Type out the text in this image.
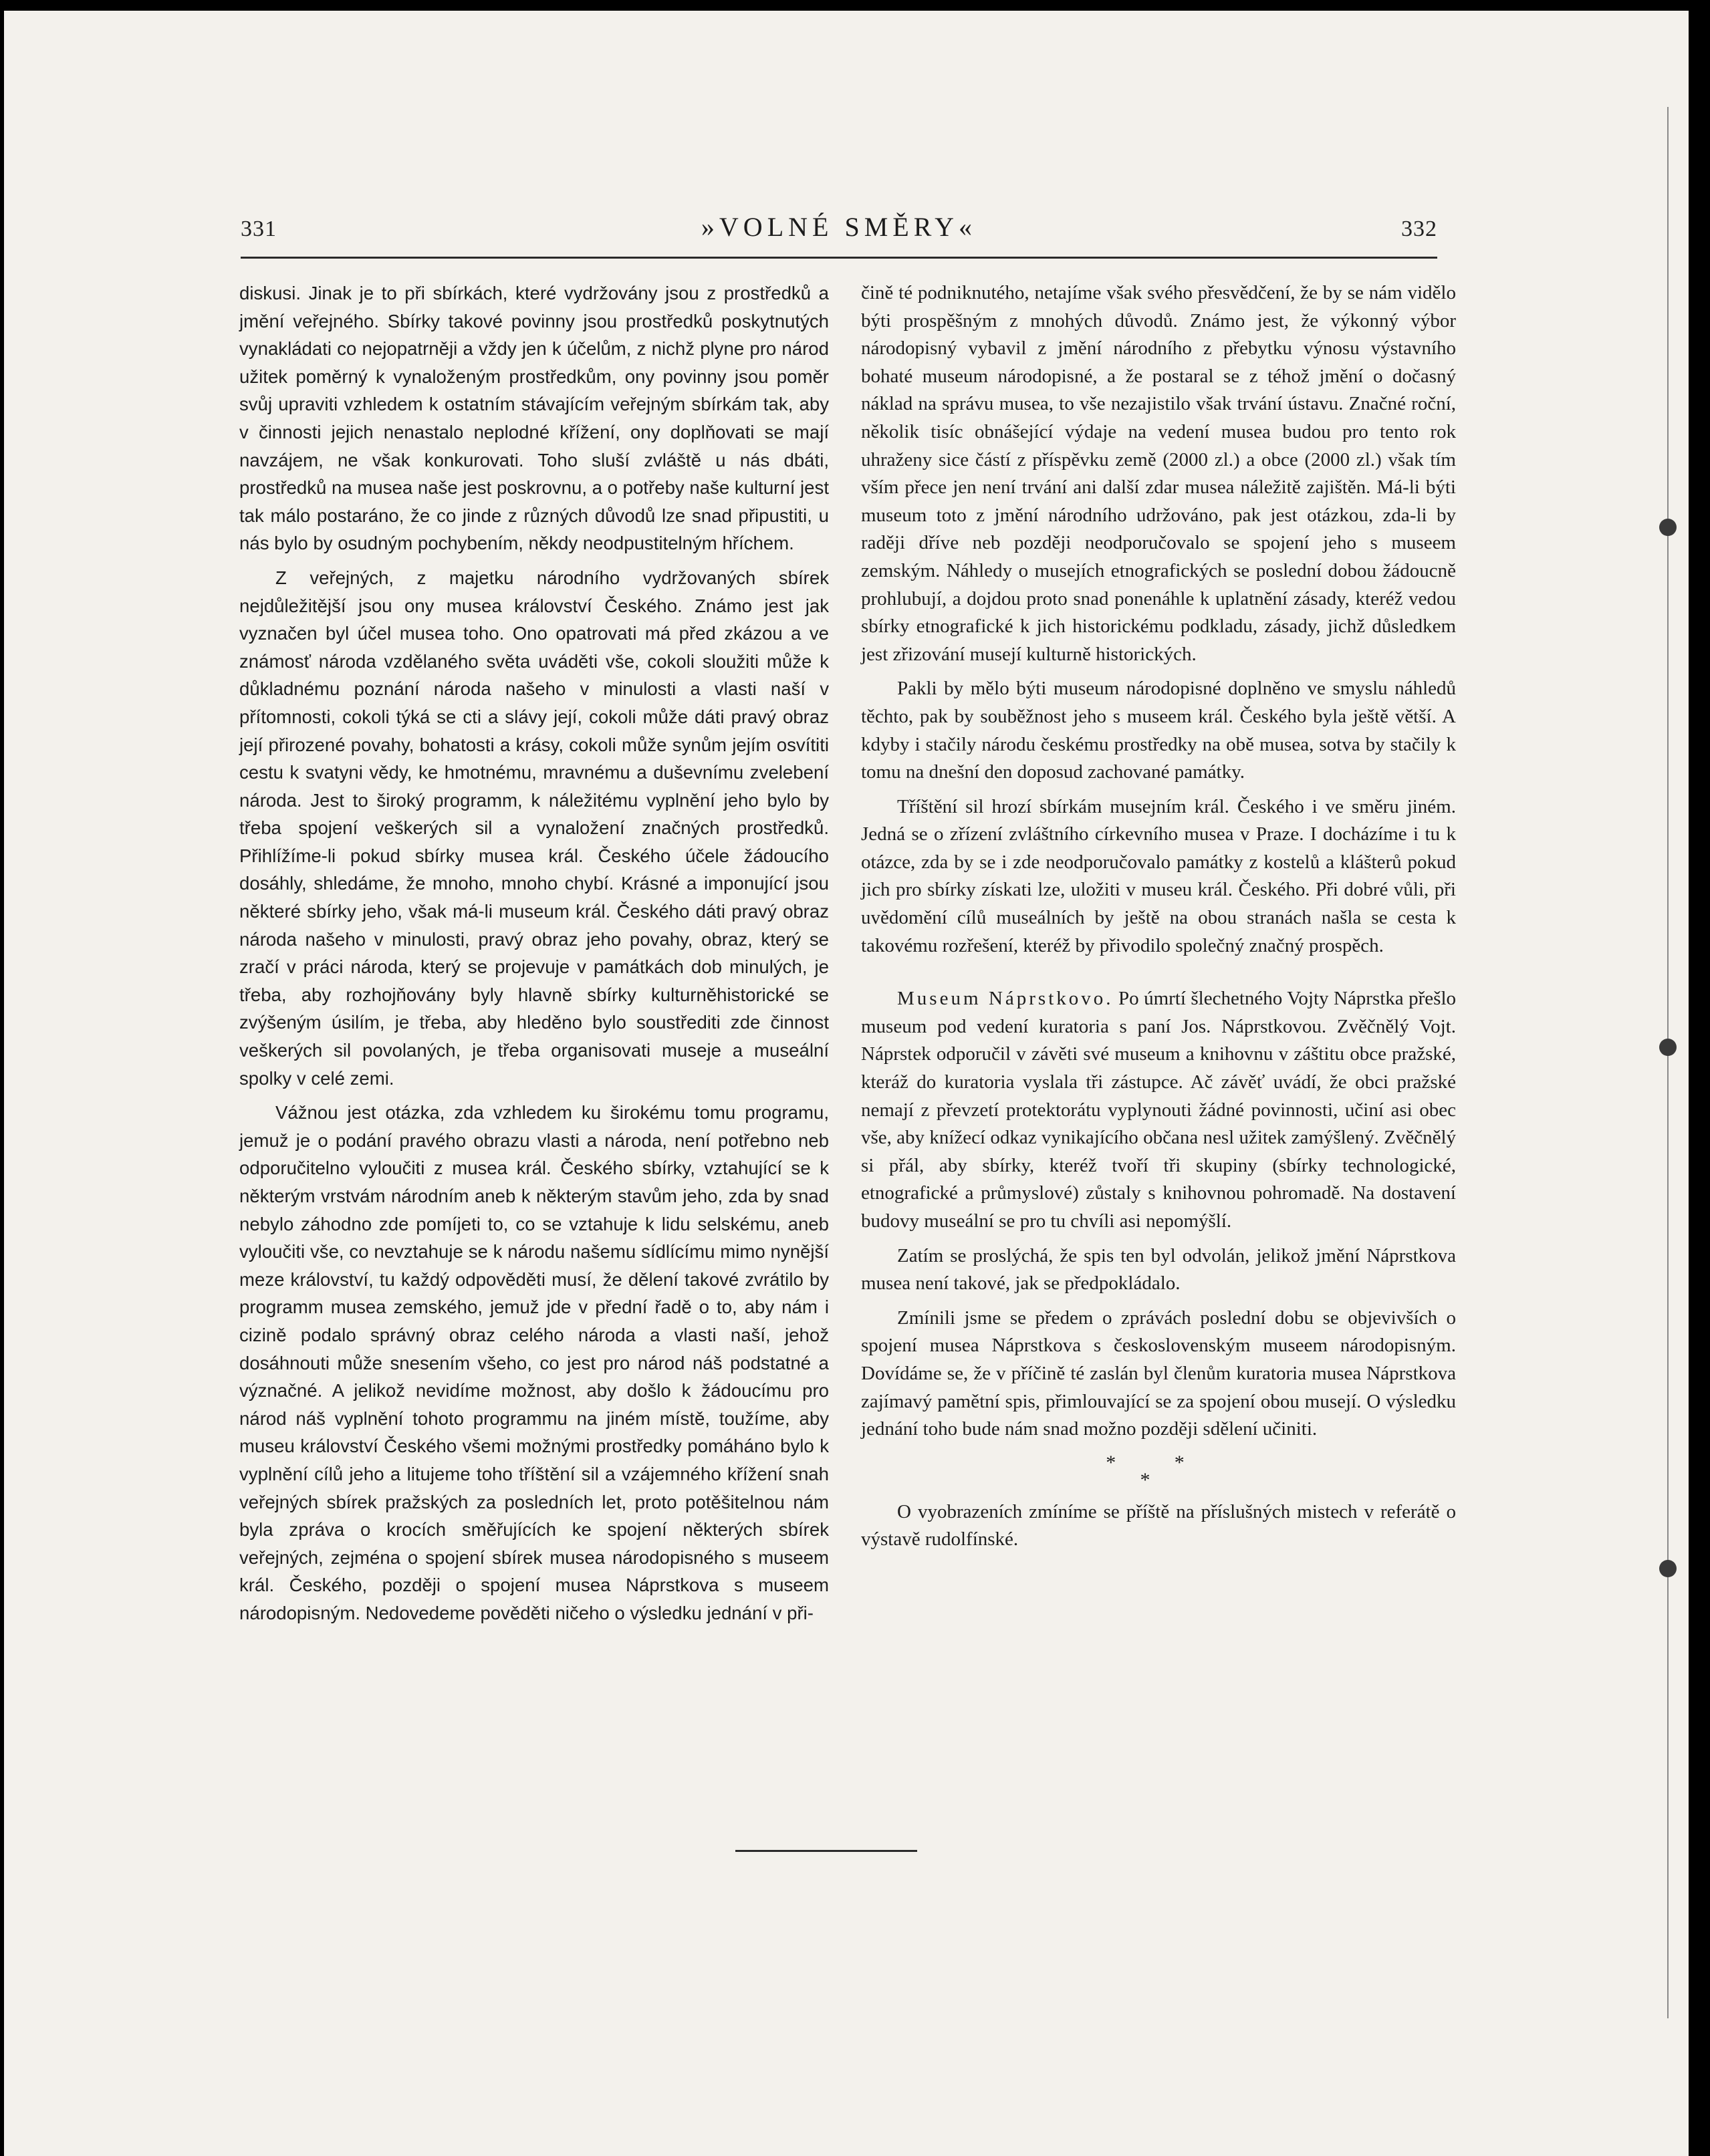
331	»VOLNÉ SMĚRY«	332

diskusi. Jinak je to při sbírkách, které vydržovány jsou z prostředků a jmění veřejného. Sbírky takové povinny jsou prostředků poskytnutých vynakládati co nejopatrněji a vždy jen k účelům, z nichž plyne pro národ užitek poměrný k vynaloženým prostředkům, ony povinny jsou poměr svůj upraviti vzhledem k ostatním stávajícím veřejným sbírkám tak, aby v činnosti jejich nenastalo neplodné křížení, ony doplňovati se mají navzájem, ne však konkurovati. Toho sluší zvláště u nás dbáti, prostředků na musea naše jest poskrovnu, a o potřeby naše kulturní jest tak málo postaráno, že co jinde z různých důvodů lze snad připustiti, u nás bylo by osudným pochybením, někdy neodpustitelným hříchem.

Z veřejných, z majetku národního vydržovaných sbírek nejdůležitější jsou ony musea království Českého. Známo jest jak vyznačen byl účel musea toho. Ono opatrovati má před zkázou a ve známosť národa vzdělaného světa uváděti vše, cokoli sloužiti může k důkladnému poznání národa našeho v minulosti a vlasti naší v přítomnosti, cokoli týká se cti a slávy její, cokoli může dáti pravý obraz její přirozené povahy, bohatosti a krásy, cokoli může synům jejím osvítiti cestu k svatyni vědy, ke hmotnému, mravnému a duševnímu zvelebení národa. Jest to široký programm, k náležitému vyplnění jeho bylo by třeba spojení veškerých sil a vynaložení značných prostředků. Přihlížíme-li pokud sbírky musea král. Českého účele žádoucího dosáhly, shledáme, že mnoho, mnoho chybí. Krásné a imponující jsou některé sbírky jeho, však má-li museum král. Českého dáti pravý obraz národa našeho v minulosti, pravý obraz jeho povahy, obraz, který se zračí v práci národa, který se projevuje v památkách dob minulých, je třeba, aby rozhojňovány byly hlavně sbírky kulturněhistorické se zvýšeným úsilím, je třeba, aby hleděno bylo soustřediti zde činnost veškerých sil povolaných, je třeba organisovati museje a museální spolky v celé zemi.

Vážnou jest otázka, zda vzhledem ku širokému tomu programu, jemuž je o podání pravého obrazu vlasti a národa, není potřebno neb odporučitelno vyloučiti z musea král. Českého sbírky, vztahující se k některým vrstvám národním aneb k některým stavům jeho, zda by snad nebylo záhodno zde pomíjeti to, co se vztahuje k lidu selskému, aneb vyloučiti vše, co nevztahuje se k národu našemu sídlícímu mimo nynější meze království, tu každý odpověděti musí, že dělení takové zvrátilo by programm musea zemského, jemuž jde v přední řadě o to, aby nám i cizině podalo správný obraz celého národa a vlasti naší, jehož dosáhnouti může snesením všeho, co jest pro národ náš podstatné a význačné. A jelikož nevidíme možnost, aby došlo k žádoucímu pro národ náš vyplnění tohoto programmu na jiném místě, toužíme, aby museu království Českého všemi možnými prostředky pomáháno bylo k vyplnění cílů jeho a litujeme toho tříštění sil a vzájemného křížení snah veřejných sbírek pražských za posledních let, proto potěšitelnou nám byla zpráva o krocích směřujících ke spojení některých sbírek veřejných, zejména o spojení sbírek musea národopisného s museem král. Českého, později o spojení musea Náprstkova s museem národopisným. Nedovedeme pověděti ničeho o výsledku jednání v při-

čině té podniknutého, netajíme však svého přesvědčení, že by se nám vidělo býti prospěšným z mnohých důvodů. Známo jest, že výkonný výbor národopisný vybavil z jmění národního z přebytku výnosu výstavního bohaté museum národopisné, a že postaral se z téhož jmění o dočasný náklad na správu musea, to vše nezajistilo však trvání ústavu. Značné roční, několik tisíc obnášející výdaje na vedení musea budou pro tento rok uhraženy sice částí z příspěvku země (2000 zl.) a obce (2000 zl.) však tím vším přece jen není trvání ani další zdar musea náležitě zajištěn. Má-li býti museum toto z jmění národního udržováno, pak jest otázkou, zda-li by raději dříve neb později neodporučovalo se spojení jeho s museem zemským. Náhledy o musejích etnografických se poslední dobou žádoucně prohlubují, a dojdou proto snad ponenáhle k uplatnění zásady, kteréž vedou sbírky etnografické k jich historickému podkladu, zásady, jichž důsledkem jest zřizování musejí kulturně historických.

Pakli by mělo býti museum národopisné doplněno ve smyslu náhledů těchto, pak by souběžnost jeho s museem král. Českého byla ještě větší. A kdyby i stačily národu českému prostředky na obě musea, sotva by stačily k tomu na dnešní den doposud zachované památky.

Tříštění sil hrozí sbírkám musejním král. Českého i ve směru jiném. Jedná se o zřízení zvláštního církevního musea v Praze. I docházíme i tu k otázce, zda by se i zde neodporučovalo památky z kostelů a klášterů pokud jich pro sbírky získati lze, uložiti v museu král. Českého. Při dobré vůli, při uvědomění cílů museálních by ještě na obou stranách našla se cesta k takovému rozřešení, kteréž by přivodilo společný značný prospěch.

Museum Náprstkovo. Po úmrtí šlechetného Vojty Náprstka přešlo museum pod vedení kuratoria s paní Jos. Náprstkovou. Zvěčnělý Vojt. Náprstek odporučil v závěti své museum a knihovnu v záštitu obce pražské, kteráž do kuratoria vyslala tři zástupce. Ač závěť uvádí, že obci pražské nemají z převzetí protektorátu vyplynouti žádné povinnosti, učiní asi obec vše, aby knížecí odkaz vynikajícího občana nesl užitek zamýšlený. Zvěčnělý si přál, aby sbírky, kteréž tvoří tři skupiny (sbírky technologické, etnografické a průmyslové) zůstaly s knihovnou pohromadě. Na dostavení budovy museální se pro tu chvíli asi nepomýšlí.

Zatím se proslýchá, že spis ten byl odvolán, jelikož jmění Náprstkova musea není takové, jak se předpokládalo.

Zmínili jsme se předem o zprávách poslední dobu se objevivších o spojení musea Náprstkova s československým museem národopisným. Dovídáme se, že v příčině té zaslán byl členům kuratoria musea Náprstkova zajímavý pamětní spis, přimlouvající se za spojení obou musejí. O výsledku jednání toho bude nám snad možno později sdělení učiniti.

* *
*

O vyobrazeních zmíníme se příště na příslušných mistech v referátě o výstavě rudolfínské.
